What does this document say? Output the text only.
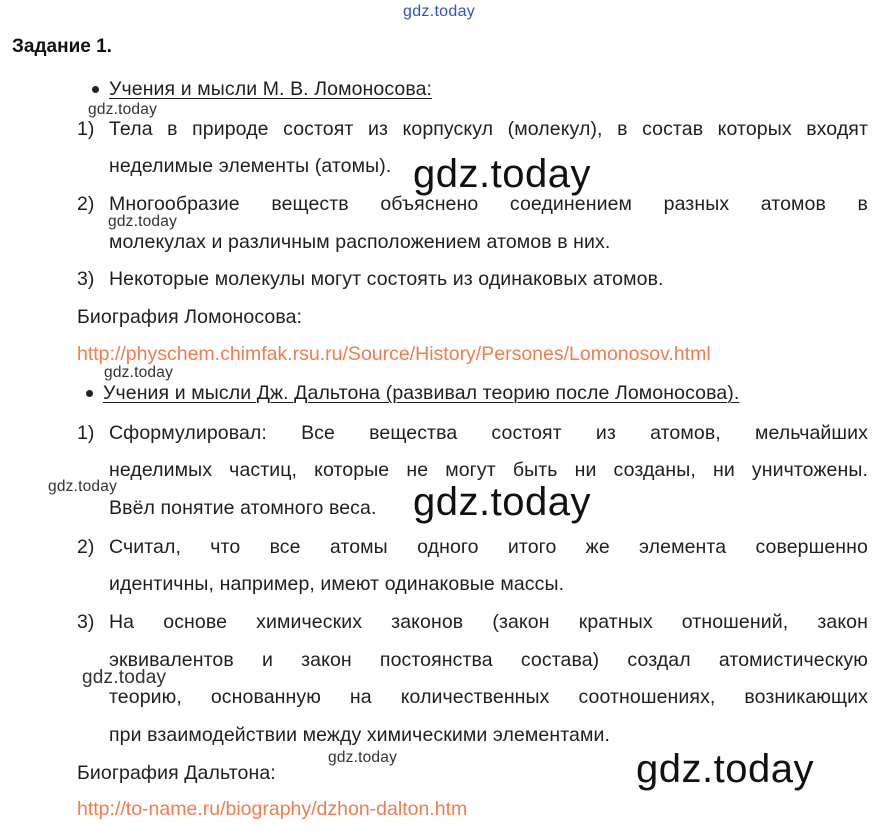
gdz.today
Задание 1.
Учения и мысли М. В. Ломоносова:
gdz.today
1) Тела в природе состоят из корпускул (молекул), в состав которых входят
неделимые элементы (атомы). gdz.today
2) Многообразие веществ объяснено соединением разных атомов в
gdz.today
молекулах и различным расположением атомов в них.
3) Некоторые молекулы могут состоять из одинаковых атомов.
Биография Ломоносова:
http://physchem.chimfak.rsu.ru/Source/History/Persones/Lomonosov.html
gdz.today
Учения и мысли Дж. Дальтона (развивал теорию после Ломоносова).
1) Сформулировал: Все вещества состоят из атомов, мельчайших
неделимых частиц, которые не могут быть ни созданы, ни уничтожены.
gdz.today
Ввёл понятие атомного веса. gdz.today
2) Считал, что все атомы одного итого же элемента совершенно
идентичны, например, имеют одинаковые массы.
3) На основе химических законов (закон кратных отношений, закон
эквивалентов и закон постоянства состава) создал атомистическую
gdz.today
теорию, основанную на количественных соотношениях, возникающих
при взаимодействии между химическими элементами.
gdz.today
Биография Дальтона:	gdz.today
http://to-name.ru/biography/dzhon-dalton.htm
